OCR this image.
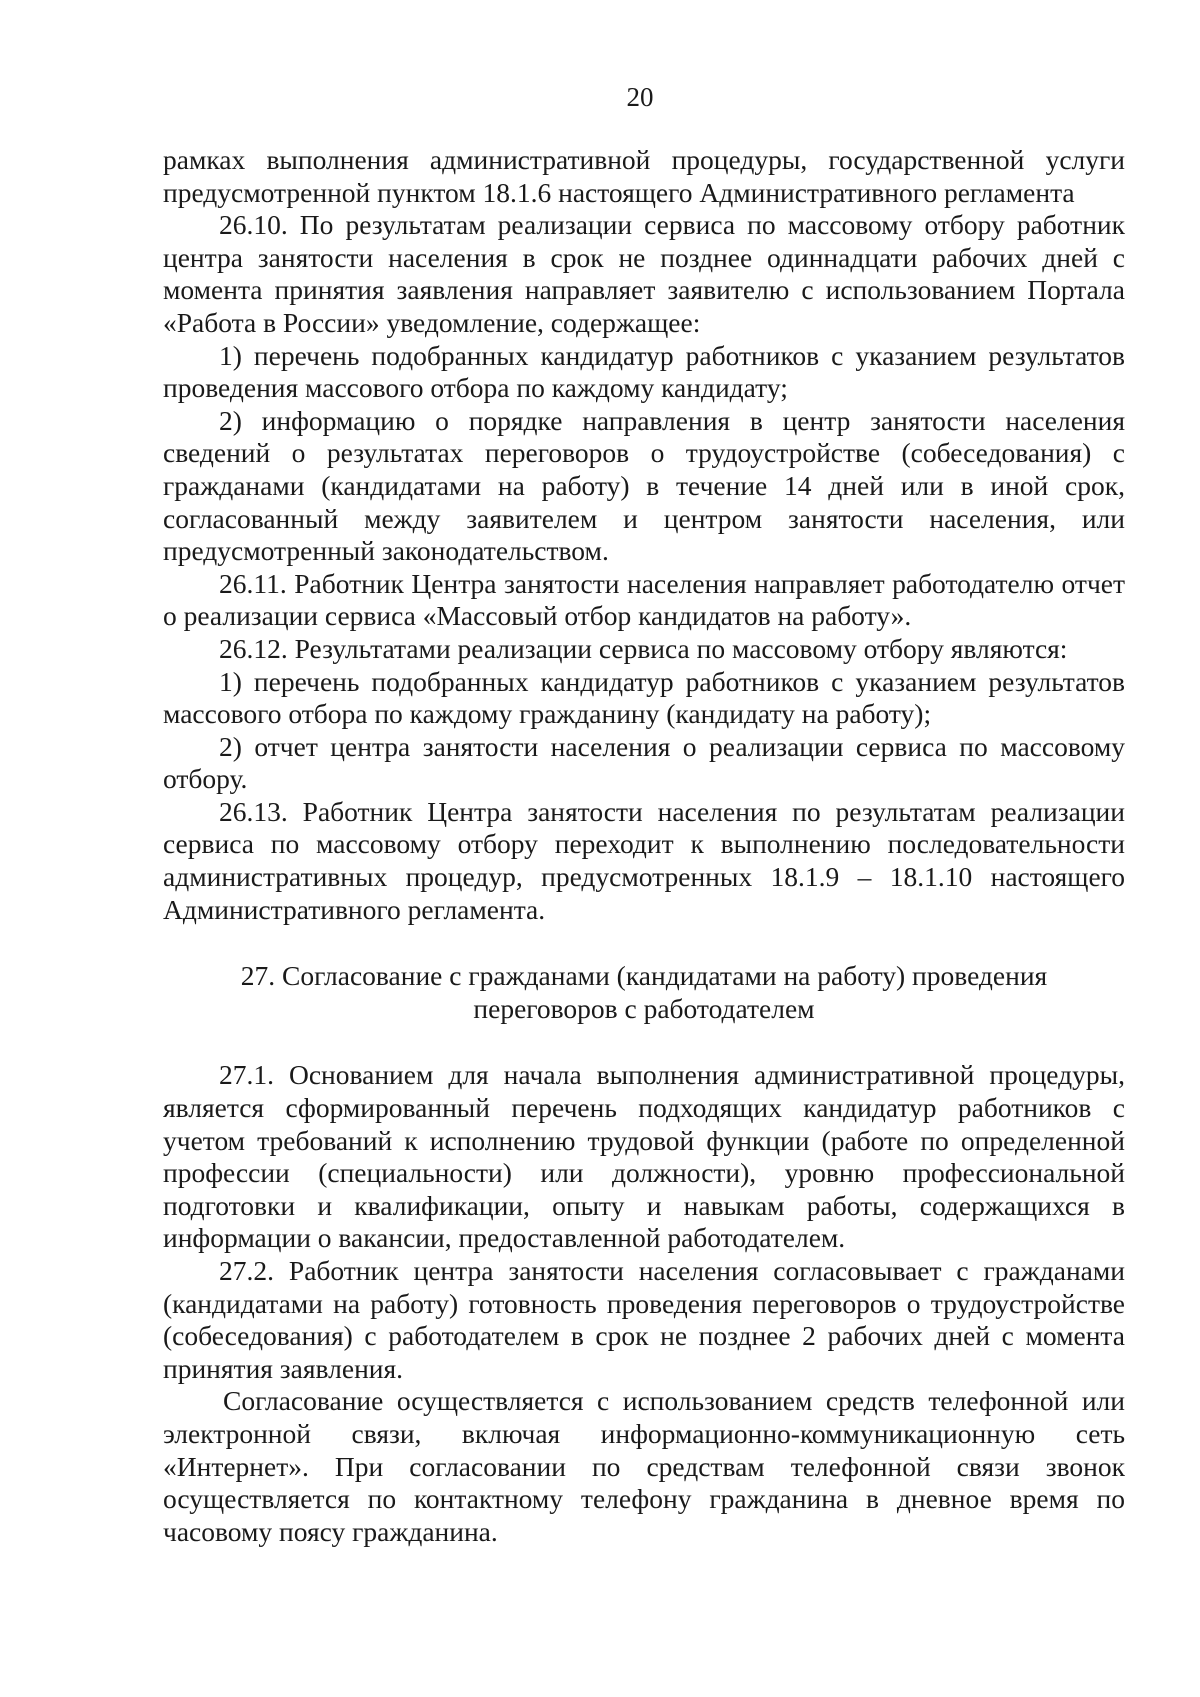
20

рамках выполнения административной процедуры, государственной услуги предусмотренной пунктом 18.1.6 настоящего Административного регламента

26.10. По результатам реализации сервиса по массовому отбору работник центра занятости населения в срок не позднее одиннадцати рабочих дней с момента принятия заявления направляет заявителю с использованием Портала «Работа в России» уведомление, содержащее:

1) перечень подобранных кандидатур работников с указанием результатов проведения массового отбора по каждому кандидату;

2) информацию о порядке направления в центр занятости населения сведений о результатах переговоров о трудоустройстве (собеседования) с гражданами (кандидатами на работу) в течение 14 дней или в иной срок, согласованный между заявителем и центром занятости населения, или предусмотренный законодательством.

26.11. Работник Центра занятости населения направляет работодателю отчет о реализации сервиса «Массовый отбор кандидатов на работу».

26.12. Результатами реализации сервиса по массовому отбору являются:

1) перечень подобранных кандидатур работников с указанием результатов массового отбора по каждому гражданину (кандидату на работу);

2) отчет центра занятости населения о реализации сервиса по массовому отбору.

26.13. Работник Центра занятости населения по результатам реализации сервиса по массовому отбору переходит к выполнению последовательности административных процедур, предусмотренных 18.1.9 – 18.1.10 настоящего Административного регламента.

27. Согласование с гражданами (кандидатами на работу) проведения
переговоров с работодателем

27.1. Основанием для начала выполнения административной процедуры, является сформированный перечень подходящих кандидатур работников с учетом требований к исполнению трудовой функции (работе по определенной профессии (специальности) или должности), уровню профессиональной подготовки и квалификации, опыту и навыкам работы, содержащихся в информации о вакансии, предоставленной работодателем.

27.2. Работник центра занятости населения согласовывает с гражданами (кандидатами на работу) готовность проведения переговоров о трудоустройстве (собеседования) с работодателем в срок не позднее 2 рабочих дней с момента принятия заявления.

Согласование осуществляется с использованием средств телефонной или электронной связи, включая информационно-коммуникационную сеть «Интернет». При согласовании по средствам телефонной связи звонок осуществляется по контактному телефону гражданина в дневное время по часовому поясу гражданина.
